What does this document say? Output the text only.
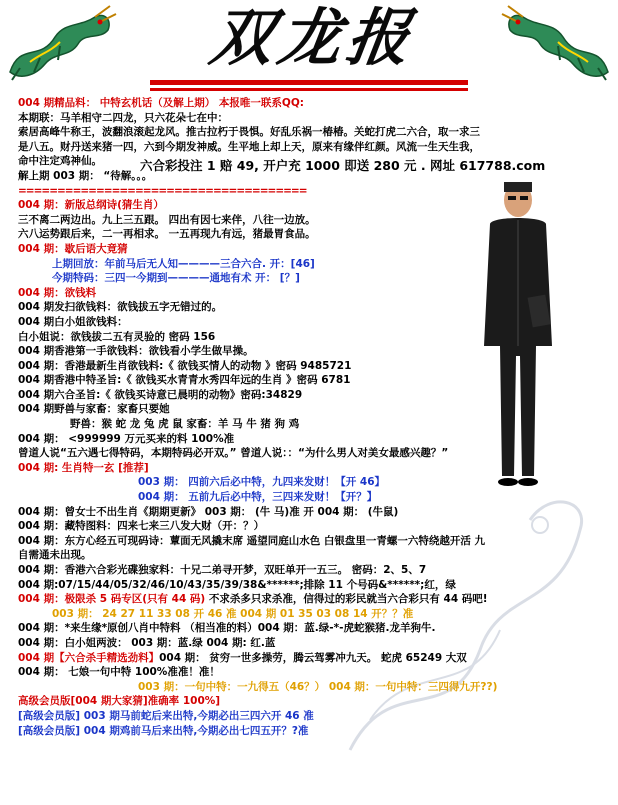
双龙报
六合彩投注 1 赔 49, 开户充 1000 即送 280 元 . 网址 617788.com
004 期精品料： 中特玄机话（及解上期） 本报唯一联系QQ:
本期联：马羊相守二四龙，只六花朵七在中：
索居高峰牛称王，波翻浪滚起龙风。推古拉朽于畏惧。好乱乐祸一椿椿。关蛇打虎二六合，取一求三
是八五。财丹送来猪一四，六到今期发神威。生平地上却上天，原来有缘伴红颜。风流一生天生我，
命中注定鸡神仙。
解上期 003 期： “待解。。。
=====================================
004 期：新版总纲诗(猜生肖）
三不离二两边出。九上三五跟。 四出有因七来伴，八往一边放。
六八运势跟后来，二一再相求。 一五再现九有远，猪最胃食品。
004 期：歇后语大竟猜
上期回放：年前马后无人知————三合六合. 开：[46]
今期特码：三四一今期到————通地有术 开： [？]
004 期：欲钱料
004 期发扫欲钱料：欲钱拔五字无错过的。
004 期白小姐欲钱料：
白小姐说：欲钱拔二五有灵验的 密码 156
004 期香港第一手欲钱料：欲钱看小学生做早操。
004 期：香港最新生肖欲钱料:《 欲钱买情人的动物 》密码 9485721
004 期香港中特圣旨:《 欲钱买水青青水秀四年远的生肖 》密码 6781
004 期六合圣旨:《 欲钱买诗意已晨明的动物》密码:34829
004 期野兽与家畜：家畜只要她
野兽：猴 蛇 龙 兔 虎 鼠 家畜：羊 马 牛 猪 狗 鸡
004 期： <999999 万元买来的料 100%准
曾道人说“五六遇七得特码，本期特码必开双。” 曾道人说：：“为什么男人对美女最感兴趣？”
004 期: 生肖特一玄 [推荐]
003 期： 四前六后必中特，九四来发财！【开 46】
004 期： 五前九后必中特，三四来发财！【开？】
004 期：曾女士不出生肖《期期更新》 003 期： (牛 马)准 开 004 期： (牛鼠)
004 期：藏特图料：四来七来三八发大财（开：？）
004 期：东方心经五可现码诗：蕈面无风撬末席 遥望同庭山水色 白银盘里一青螺一六特绕越开活 九
自需通未出现。
004 期：香港六合彩光碟独家料：十兄二弟寻开梦，双旺单开一五三。 密码：2、5、7
004 期:07/15/44/05/32/46/10/43/35/39/38&******;排除 11 个号码&******;红，绿
004 期：极限杀 5 码专区(只有 44 码) 不求杀多只求杀准，信得过的彩民就当六合彩只有 44 码吧!
003 期： 24 27 11 33 08 开 46 准 004 期 01 35 03 08 14 开？？准
004 期：*来生缘*原创八肖中特料 （相当准的料）004 期：蓝.绿-*-虎蛇猴猪.龙羊狗牛.
004 期：白小姐两波： 003 期：蓝.绿 004 期: 红.蓝
004 期【六合杀手精选劲料】004 期： 贫穷一世多操劳，腾云驾雾冲九天。 蛇虎 65249 大双
004 期： 七娘一句中特 100%准准！准！
003 期：一句中特：一九得五（46？） 004 期：一句中特：三四得九开??)
高级会员版[004 期大家猜]准确率 100%]
[高级会员版] 003 期马前蛇后来出特,今期必出三四六开 46 准
[高级会员版] 004 期鸡前马后来出特,今期必出七四五开？?准
